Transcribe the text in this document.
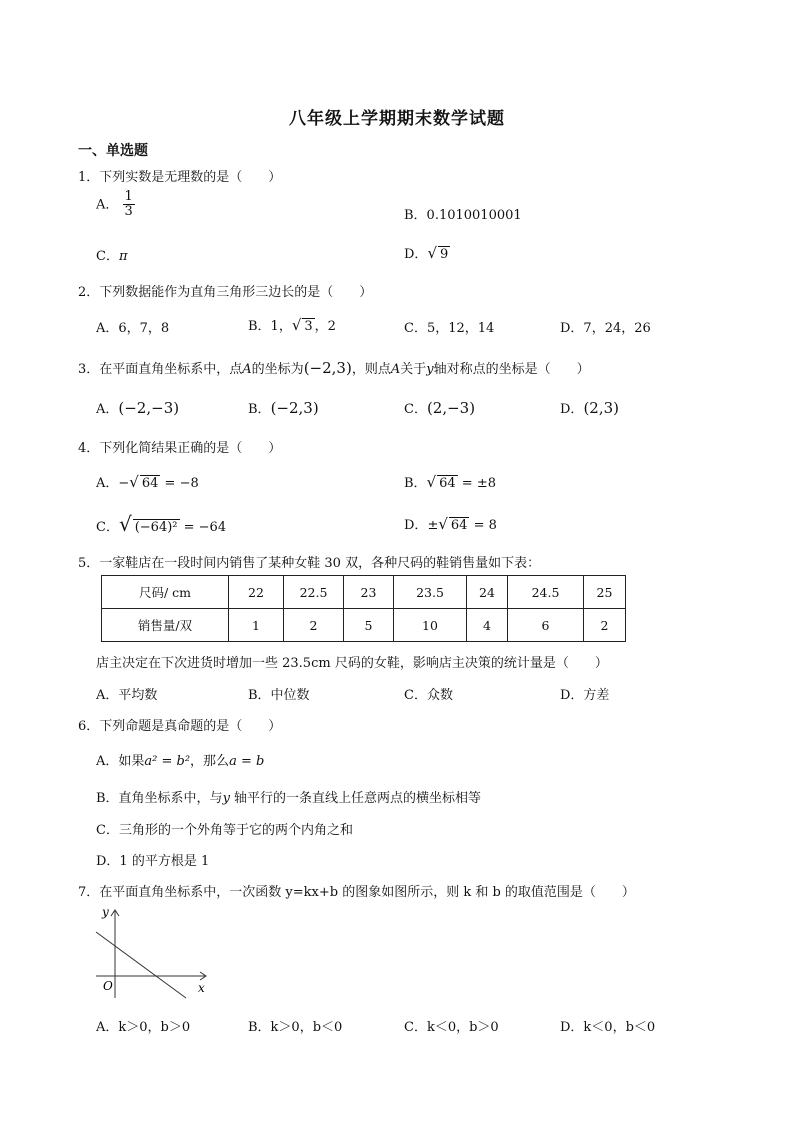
八年级上学期期末数学试题
一、单选题
1．下列实数是无理数的是（　　）
A． $\frac{1}{3}$	B．0.1010010001
C．π	D．√ 9
2．下列数据能作为直角三角形三边长的是（　　）
A．6，7，8	B．1，√ 3 ，2	C．5，12，14	D．7，24，26
3．在平面直角坐标系中，点A的坐标为(−2,3)，则点A关于y轴对称点的坐标是（　　）
A．(−2,−3)	B．(−2,3)	C．(2,−3)	D．(2,3)
4．下列化简结果正确的是（　　）
A．−√ 64 = −8	B．√ 64 = ±8
C．√ (−64)² = −64	D．±√ 64 = 8
5．一家鞋店在一段时间内销售了某种女鞋 30 双，各种尺码的鞋销售量如下表：
尺码/ cm	22	22.5	23	23.5	24	24.5	25
销售量/双	1	2	5	10	4	6	2
店主决定在下次进货时增加一些 23.5cm 尺码的女鞋，影响店主决策的统计量是（　　）
A．平均数	B．中位数	C．众数	D．方差
6．下列命题是真命题的是（　　）
A．如果a² = b²，那么a = b
B．直角坐标系中，与y 轴平行的一条直线上任意两点的横坐标相等
C．三角形的一个外角等于它的两个内角之和
D．1 的平方根是 1
7．在平面直角坐标系中，一次函数 y=kx+b 的图象如图所示，则 k 和 b 的取值范围是（　　）
y
x
O
A．k＞0，b＞0	B．k＞0，b＜0	C．k＜0，b＞0	D．k＜0，b＜0
